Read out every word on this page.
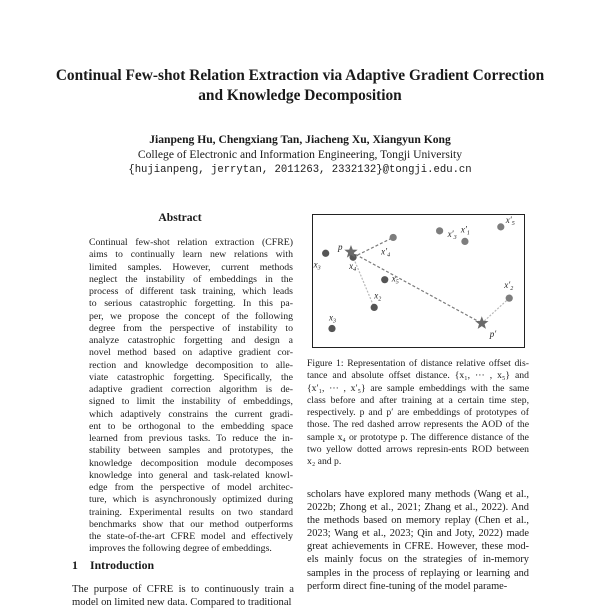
Continual Few-shot Relation Extraction via Adaptive Gradient Correction
and Knowledge Decomposition
Jianpeng Hu, Chengxiang Tan, Jiacheng Xu, Xiangyun Kong
College of Electronic and Information Engineering, Tongji University
{hujianpeng, jerrytan, 2011263, 2332132}@tongji.edu.cn
Abstract
Continual few-shot relation extraction (CFRE)
aims to continually learn new relations with
limited samples. However, current methods
neglect the instability of embeddings in the
process of different task training, which leads
to serious catastrophic forgetting. In this pa-
per, we propose the concept of the following
degree from the perspective of instability to
analyze catastrophic forgetting and design a
novel method based on adaptive gradient cor-
rection and knowledge decomposition to alle-
viate catastrophic forgetting. Specifically, the
adaptive gradient correction algorithm is de-
signed to limit the instability of embeddings,
which adaptively constrains the current gradi-
ent to be orthogonal to the embedding space
learned from previous tasks. To reduce the in-
stability between samples and prototypes, the
knowledge decomposition module decomposes
knowledge into general and task-related knowl-
edge from the perspective of model architec-
ture, which is asynchronously optimized during
training. Experimental results on two standard
benchmarks show that our method outperforms
the state-of-the-art CFRE model and effectively
improves the following degree of embeddings.
1 Introduction
The purpose of CFRE is to continuously train a
model on limited new data. Compared to traditional
$x_3$
$x_2$
$x_5$
$x_3$	$x_4$
$x'_1$
$x'_4$
$x'_2$
$x'_3$
$x'_5$
p
p′
Figure 1: Representation of distance relative offset dis-
tance and absolute offset distance. {x₁, ··· , x₅} and
{x′₁, ··· , x′₅} are sample embeddings with the same
class before and after training at a certain time step,
respectively. p and p′ are embeddings of prototypes of
those. The red dashed arrow represents the AOD of the
sample x₄ or prototype p. The difference distance of the
two yellow dotted arrows represin-ents ROD between
x₂ and p.
scholars have explored many methods (Wang et al.,
2022b; Zhong et al., 2021; Zhang et al., 2022). And
the methods based on memory replay (Chen et al.,
2023; Wang et al., 2023; Qin and Joty, 2022) made
great achievements in CFRE. However, these mod-
els mainly focus on the strategies of in-memory
samples in the process of replaying or learning and
perform direct fine-tuning of the model parame-
